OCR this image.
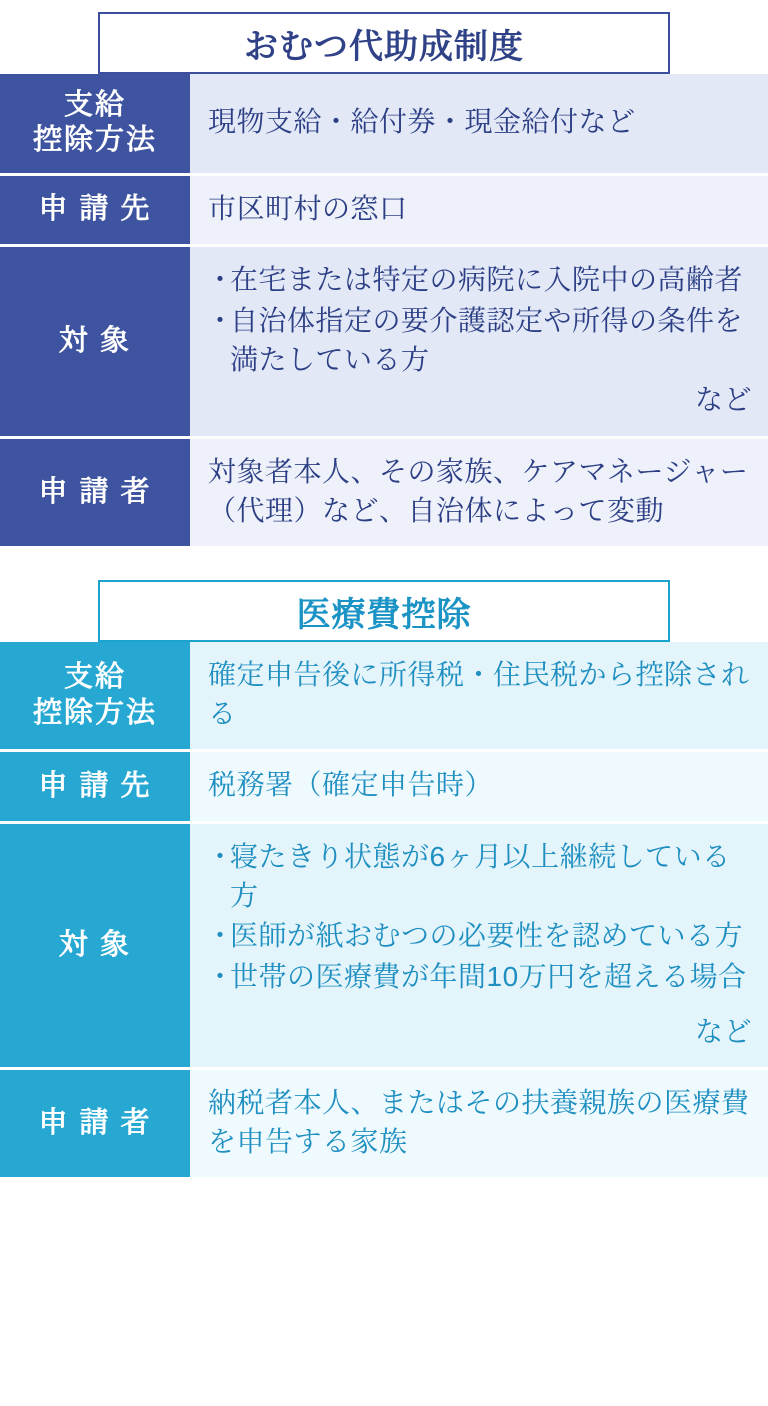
おむつ代助成制度
支給
控除方法	現物支給・給付券・現金給付など

申 請 先	市区町村の窓口

対 象

・ 在宅または特定の病院に入院中の高齢者
・ 自治体指定の要介護認定や所得の条件を満たしている方
など

申 請 者	対象者本人、その家族、ケアマネージャー（代理）など、自治体によって変動
医療費控除
支給
控除方法	確定申告後に所得税・住民税から控除される

申 請 先	税務署（確定申告時）

対 象

・ 寝たきり状態が6ヶ月以上継続している方
・ 医師が紙おむつの必要性を認めている方
・ 世帯の医療費が年間10万円を超える場合
など

申 請 者	納税者本人、またはその扶養親族の医療費を申告する家族
